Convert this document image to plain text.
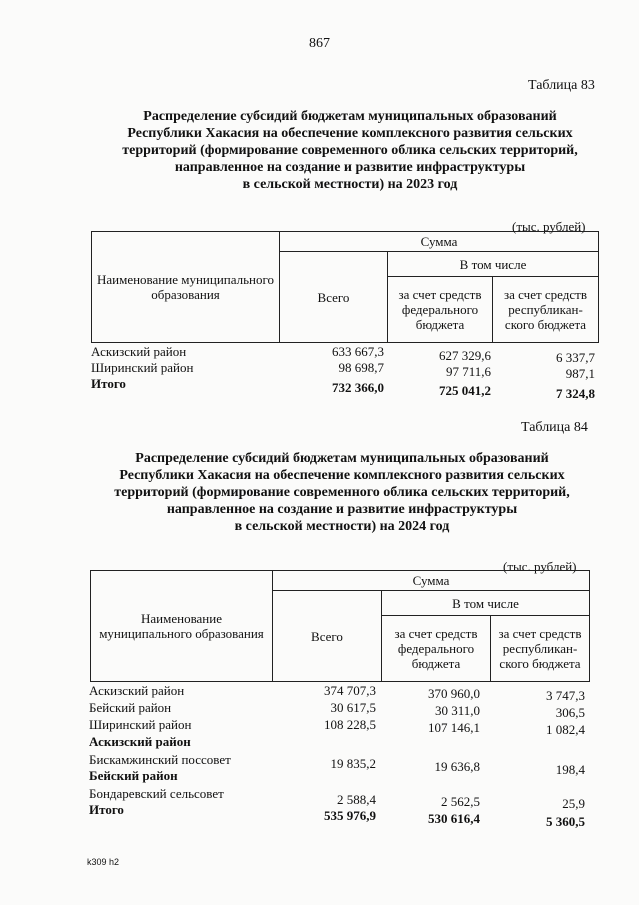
867
Таблица 83
Распределение субсидий бюджетам муниципальных образований
Республики Хакасия на обеспечение комплексного развития сельских
территорий (формирование современного облика сельских территорий,
направленное на создание и развитие инфраструктуры
в сельской местности) на 2023 год
(тыс. рублей)
Наименование муниципального образования	Сумма		
	Всего	В том числе	
		за счет средств федерального бюджета	за счет средств республикан-ского бюджета
Аскизский район	633 667,3	627 329,6	6 337,7
Ширинский район	98 698,7	97 711,6	987,1
Итого	732 366,0	725 041,2	7 324,8
Таблица 84
Распределение субсидий бюджетам муниципальных образований
Республики Хакасия на обеспечение комплексного развития сельских
территорий (формирование современного облика сельских территорий,
направленное на создание и развитие инфраструктуры
в сельской местности) на 2024 год
(тыс. рублей)
Наименование муниципального образования	Сумма		
	Всего	В том числе	
		за счет средств федерального бюджета	за счет средств республикан-ского бюджета
Аскизский район	374 707,3	370 960,0	3 747,3
Бейский район	30 617,5	30 311,0	306,5
Ширинский район	108 228,5	107 146,1	1 082,4
Аскизский район
Бискамжинский поссовет	19 835,2	19 636,8	198,4
Бейский район
Бондаревский сельсовет	2 588,4	2 562,5	25,9
Итого	535 976,9	530 616,4	5 360,5
k309 h2
